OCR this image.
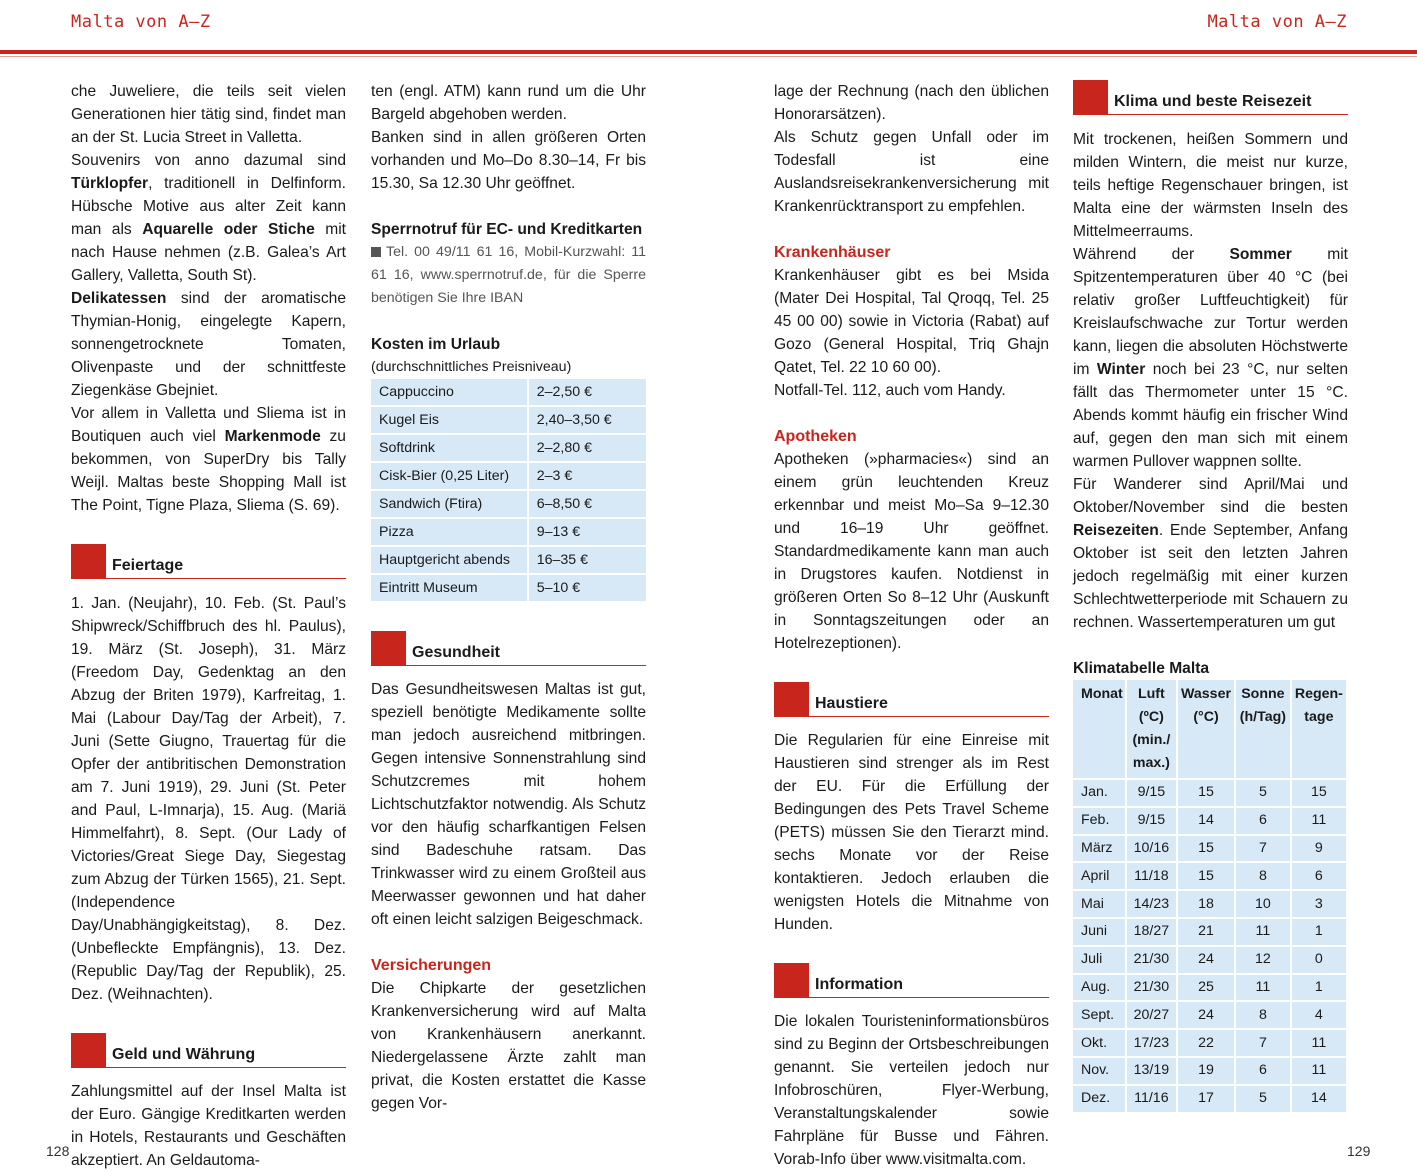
Malta von A–Z	Malta von A–Z

che Juweliere, die teils seit vielen Generationen hier tätig sind, findet man an der St. Lucia Street in Valletta.

Souvenirs von anno dazumal sind Türklopfer, traditionell in Delfinform. Hübsche Motive aus alter Zeit kann man als Aquarelle oder Stiche mit nach Hause nehmen (z.B. Galea’s Art Gallery, Valletta, South St).

Delikatessen sind der aromatische Thymian-Honig, eingelegte Kapern, sonnengetrocknete Tomaten, Olivenpaste und der schnittfeste Ziegenkäse Gbejniet.

Vor allem in Valletta und Sliema ist in Boutiquen auch viel Markenmode zu bekommen, von SuperDry bis Tally Weijl. Maltas beste Shopping Mall ist The Point, Tigne Plaza, Sliema (S. 69).

Feiertage

1. Jan. (Neujahr), 10. Feb. (St. Paul’s Shipwreck/Schiffbruch des hl. Paulus), 19. März (St. Joseph), 31. März (Freedom Day, Gedenktag an den Abzug der Briten 1979), Karfreitag, 1. Mai (Labour Day/Tag der Arbeit), 7. Juni (Sette Giugno, Trauertag für die Opfer der antibritischen Demonstration am 7. Juni 1919), 29. Juni (St. Peter and Paul, L-Imnarja), 15. Aug. (Mariä Himmelfahrt), 8. Sept. (Our Lady of Victories/Great Siege Day, Siegestag zum Abzug der Türken 1565), 21. Sept. (Independence Day/Unabhängigkeitstag), 8. Dez. (Unbefleckte Empfängnis), 13. Dez. (Republic Day/Tag der Republik), 25. Dez. (Weihnachten).

Geld und Währung

Zahlungsmittel auf der Insel Malta ist der Euro. Gängige Kreditkarten werden in Hotels, Restaurants und Geschäften akzeptiert. An Geldautoma-

ten (engl. ATM) kann rund um die Uhr Bargeld abgehoben werden.

Banken sind in allen größeren Orten vorhanden und Mo–Do 8.30–14, Fr bis 15.30, Sa 12.30 Uhr geöffnet.

Sperrnotruf für EC- und Kreditkarten

Tel. 00 49/11 61 16, Mobil-Kurzwahl: 11 61 16, www.sperrnotruf.de, für die Sperre benötigen Sie Ihre IBAN

Kosten im Urlaub

(durchschnittliches Preisniveau)

Cappuccino	2–2,50 €
Kugel Eis	2,40–3,50 €
Softdrink	2–2,80 €
Cisk-Bier (0,25 Liter)	2–3 €
Sandwich (Ftira)	6–8,50 €
Pizza	9–13 €
Hauptgericht abends	16–35 €
Eintritt Museum	5–10 €
Gesundheit

Das Gesundheitswesen Maltas ist gut, speziell benötigte Medikamente sollte man jedoch ausreichend mitbringen. Gegen intensive Sonnenstrahlung sind Schutzcremes mit hohem Lichtschutzfaktor notwendig. Als Schutz vor den häufig scharfkantigen Felsen sind Badeschuhe ratsam. Das Trinkwasser wird zu einem Großteil aus Meerwasser gewonnen und hat daher oft einen leicht salzigen Beigeschmack.

Versicherungen

Die Chipkarte der gesetzlichen Krankenversicherung wird auf Malta von Krankenhäusern anerkannt. Niedergelassene Ärzte zahlt man privat, die Kosten erstattet die Kasse gegen Vor-

lage der Rechnung (nach den üblichen Honorarsätzen).

Als Schutz gegen Unfall oder im Todesfall ist eine Auslandsreisekrankenversicherung mit Krankenrücktransport zu empfehlen.

Krankenhäuser

Krankenhäuser gibt es bei Msida (Mater Dei Hospital, Tal Qroqq, Tel. 25 45 00 00) sowie in Victoria (Rabat) auf Gozo (General Hospital, Triq Ghajn Qatet, Tel. 22 10 60 00).

Notfall-Tel. 112, auch vom Handy.

Apotheken

Apotheken (»pharmacies«) sind an einem grün leuchtenden Kreuz erkennbar und meist Mo–Sa 9–12.30 und 16–19 Uhr geöffnet. Standardmedikamente kann man auch in Drugstores kaufen. Notdienst in größeren Orten So 8–12 Uhr (Auskunft in Sonntagszeitungen oder an Hotelrezeptionen).

Haustiere

Die Regularien für eine Einreise mit Haustieren sind strenger als im Rest der EU. Für die Erfüllung der Bedingungen des Pets Travel Scheme (PETS) müssen Sie den Tierarzt mind. sechs Monate vor der Reise kontaktieren. Jedoch erlauben die wenigsten Hotels die Mitnahme von Hunden.

Information

Die lokalen Touristeninformationsbüros sind zu Beginn der Ortsbeschreibungen genannt. Sie verteilen jedoch nur Infobroschüren, Flyer-Werbung, Veranstaltungskalender sowie Fahrpläne für Busse und Fähren. Vorab-Info über www.visitmalta.com.

Klima und beste Reisezeit

Mit trockenen, heißen Sommern und milden Wintern, die meist nur kurze, teils heftige Regenschauer bringen, ist Malta eine der wärmsten Inseln des Mittelmeerraums.

Während der Sommer mit Spitzentemperaturen über 40 °C (bei relativ großer Luftfeuchtigkeit) für Kreislaufschwache zur Tortur werden kann, liegen die absoluten Höchstwerte im Winter noch bei 23 °C, nur selten fällt das Thermometer unter 15 °C. Abends kommt häufig ein frischer Wind auf, gegen den man sich mit einem warmen Pullover wappnen sollte.

Für Wanderer sind April/Mai und Oktober/November sind die besten Reisezeiten. Ende September, Anfang Oktober ist seit den letzten Jahren jedoch regelmäßig mit einer kurzen Schlechtwetterperiode mit Schauern zu rechnen. Wassertemperaturen um gut

Klimatabelle Malta

Monat	Luft (ºC) (min./ max.)	Wasser (°C)	Sonne (h/Tag)	Regen-tage
Jan.	9/15	15	5	15
Feb.	9/15	14	6	11
März	10/16	15	7	9
April	11/18	15	8	6
Mai	14/23	18	10	3
Juni	18/27	21	11	1
Juli	21/30	24	12	0
Aug.	21/30	25	11	1
Sept.	20/27	24	8	4
Okt.	17/23	22	7	11
Nov.	13/19	19	6	11
Dez.	11/16	17	5	14
128	129
